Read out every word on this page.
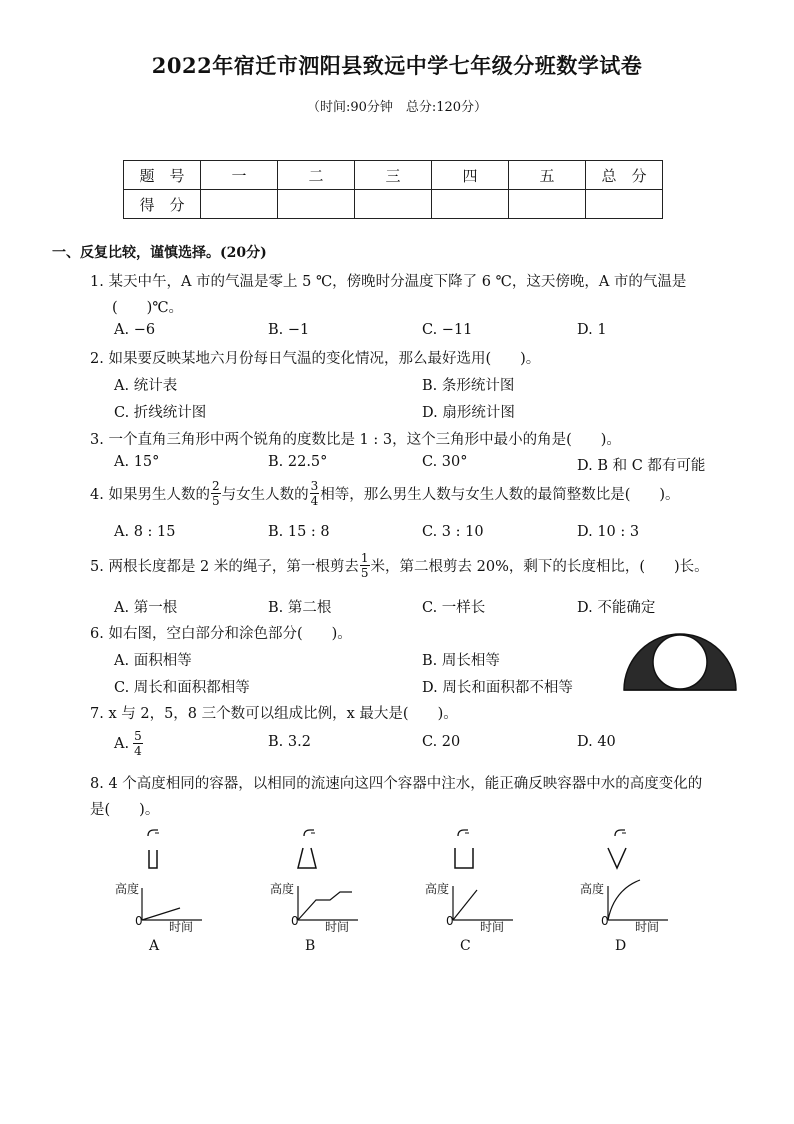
2022年宿迁市泗阳县致远中学七年级分班数学试卷
（时间:90分钟　总分:120分）
题　号	一	二	三	四	五	总　分
得　分						
一、反复比较，谨慎选择。(20分)
1. 某天中午，A 市的气温是零上 5 ℃，傍晚时分温度下降了 6 ℃，这天傍晚，A 市的气温是
(　　)℃。
A. −6	B. −1	C. −11	D. 1
2. 如果要反映某地六月份每日气温的变化情况，那么最好选用(　　)。
A. 统计表	B. 条形统计图
C. 折线统计图	D. 扇形统计图
3. 一个直角三角形中两个锐角的度数比是 1 : 3，这个三角形中最小的角是(　　)。
A. 15°	B. 22.5°	C. 30°	D. B 和 C 都有可能
4. 如果男生人数的 $\frac{2}{5}$ 与女生人数的 $\frac{3}{4}$ 相等，那么男生人数与女生人数的最简整数比是(　　)。
A. 8 : 15	B. 15 : 8	C. 3 : 10	D. 10 : 3
5. 两根长度都是 2 米的绳子，第一根剪去 $\frac{1}{5}$ 米，第二根剪去 20%，剩下的长度相比，(　　)长。
A. 第一根	B. 第二根	C. 一样长	D. 不能确定
6. 如右图，空白部分和涂色部分(　　)。
A. 面积相等	B. 周长相等
C. 周长和面积都相等	D. 周长和面积都不相等
7. x 与 2，5，8 三个数可以组成比例，x 最大是(　　)。
A. $\frac{5}{4}$	B. 3.2	C. 20	D. 40
8. 4 个高度相同的容器，以相同的流速向这四个容器中注水，能正确反映容器中水的高度变化的
是(　　)。
高度
0 时间
A
高度
0 时间
B
高度
0 时间
C
高度
0 时间
D
